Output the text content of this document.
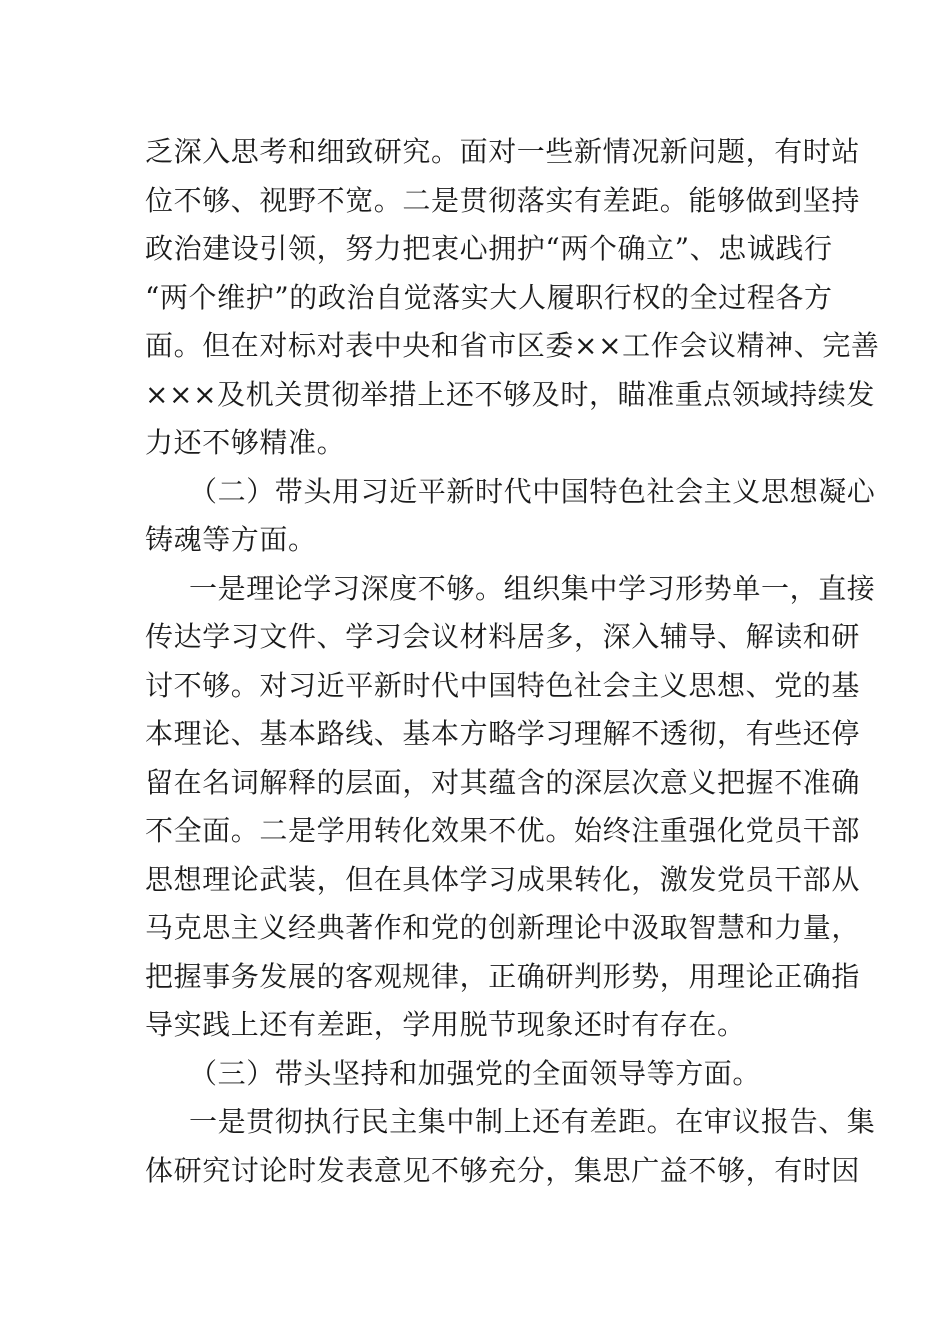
乏深入思考和细致研究。面对一些新情况新问题，有时站
位不够、视野不宽。二是贯彻落实有差距。能够做到坚持
政治建设引领，努力把衷心拥护“两个确立”、忠诚践行
“两个维护”的政治自觉落实大人履职行权的全过程各方
面。但在对标对表中央和省市区委××工作会议精神、完善
×××及机关贯彻举措上还不够及时，瞄准重点领域持续发
力还不够精准。
（二）带头用习近平新时代中国特色社会主义思想凝心
铸魂等方面。
一是理论学习深度不够。组织集中学习形势单一，直接
传达学习文件、学习会议材料居多，深入辅导、解读和研
讨不够。对习近平新时代中国特色社会主义思想、党的基
本理论、基本路线、基本方略学习理解不透彻，有些还停
留在名词解释的层面，对其蕴含的深层次意义把握不准确
不全面。二是学用转化效果不优。始终注重强化党员干部
思想理论武装，但在具体学习成果转化，激发党员干部从
马克思主义经典著作和党的创新理论中汲取智慧和力量，
把握事务发展的客观规律，正确研判形势，用理论正确指
导实践上还有差距，学用脱节现象还时有存在。
（三）带头坚持和加强党的全面领导等方面。
一是贯彻执行民主集中制上还有差距。在审议报告、集
体研究讨论时发表意见不够充分，集思广益不够，有时因
